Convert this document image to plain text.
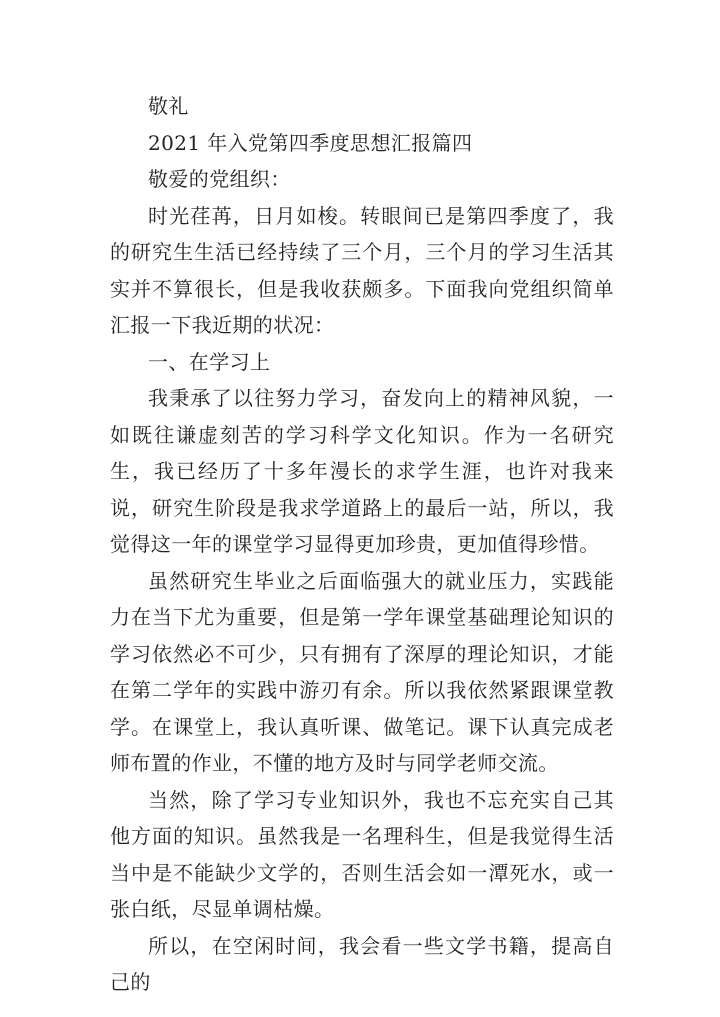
敬礼

2021 年入党第四季度思想汇报篇四

敬爱的党组织：

时光荏苒，日月如梭。转眼间已是第四季度了，我的研究生生活已经持续了三个月，三个月的学习生活其实并不算很长，但是我收获颇多。下面我向党组织简单汇报一下我近期的状况：

一、在学习上

我秉承了以往努力学习，奋发向上的精神风貌，一如既往谦虚刻苦的学习科学文化知识。作为一名研究生，我已经历了十多年漫长的求学生涯，也许对我来说，研究生阶段是我求学道路上的最后一站，所以，我觉得这一年的课堂学习显得更加珍贵，更加值得珍惜。

虽然研究生毕业之后面临强大的就业压力，实践能力在当下尤为重要，但是第一学年课堂基础理论知识的学习依然必不可少，只有拥有了深厚的理论知识，才能在第二学年的实践中游刃有余。所以我依然紧跟课堂教学。在课堂上，我认真听课、做笔记。课下认真完成老师布置的作业，不懂的地方及时与同学老师交流。

当然，除了学习专业知识外，我也不忘充实自己其他方面的知识。虽然我是一名理科生，但是我觉得生活当中是不能缺少文学的，否则生活会如一潭死水，或一张白纸，尽显单调枯燥。

所以，在空闲时间，我会看一些文学书籍，提高自己的
